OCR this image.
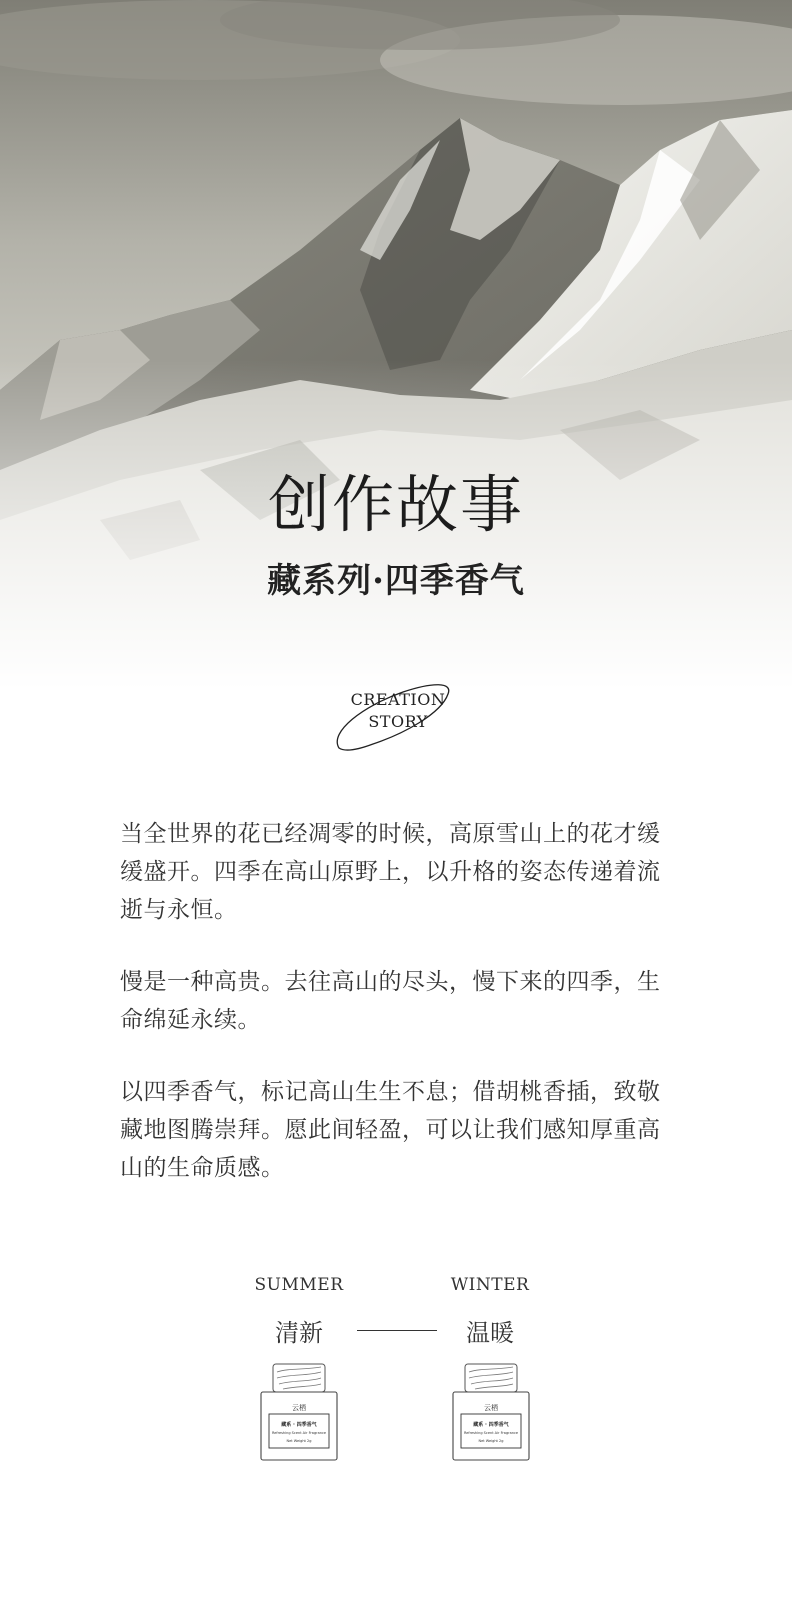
创作故事
藏系列·四季香气
CREATION
STORY

当全世界的花已经凋零的时候，高原雪山上的花才缓缓盛开。四季在高山原野上，以升格的姿态传递着流逝与永恒。

慢是一种高贵。去往高山的尽头，慢下来的四季，生命绵延永续。

以四季香气，标记高山生生不息；借胡桃香插，致敬藏地图腾崇拜。愿此间轻盈，可以让我们感知厚重高山的生命质感。

SUMMER
清新
WINTER
温暖
云栖
藏系 · 四季香气
Refreshing Scent Air Fragrance
Net Weight 2g
云栖
藏系 · 四季香气
Refreshing Scent Air Fragrance
Net Weight 2g
